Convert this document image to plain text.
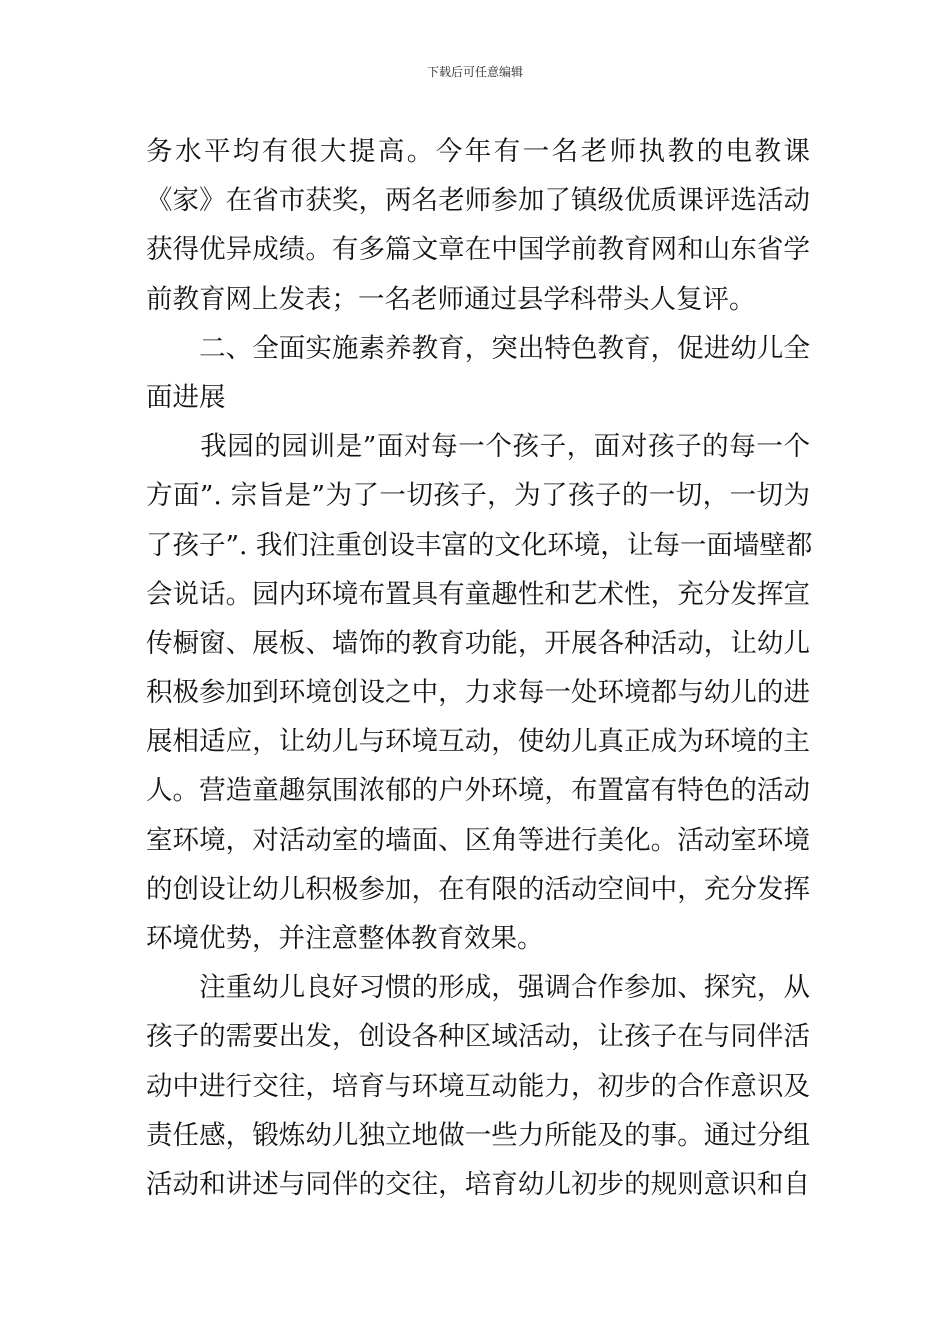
下载后可任意编辑
务水平均有很大提高。今年有一名老师执教的电教课
《家》在省市获奖，两名老师参加了镇级优质课评选活动
获得优异成绩。有多篇文章在中国学前教育网和山东省学
前教育网上发表；一名老师通过县学科带头人复评。
　　二、全面实施素养教育，突出特色教育，促进幼儿全
面进展
　　我园的园训是”面对每一个孩子，面对孩子的每一个
方面”. 宗旨是”为了一切孩子，为了孩子的一切，一切为
了孩子”. 我们注重创设丰富的文化环境，让每一面墙壁都
会说话。园内环境布置具有童趣性和艺术性，充分发挥宣
传橱窗、展板、墙饰的教育功能，开展各种活动，让幼儿
积极参加到环境创设之中，力求每一处环境都与幼儿的进
展相适应，让幼儿与环境互动，使幼儿真正成为环境的主
人。营造童趣氛围浓郁的户外环境，布置富有特色的活动
室环境，对活动室的墙面、区角等进行美化。活动室环境
的创设让幼儿积极参加，在有限的活动空间中，充分发挥
环境优势，并注意整体教育效果。
　　注重幼儿良好习惯的形成，强调合作参加、探究，从
孩子的需要出发，创设各种区域活动，让孩子在与同伴活
动中进行交往，培育与环境互动能力，初步的合作意识及
责任感，锻炼幼儿独立地做一些力所能及的事。通过分组
活动和讲述与同伴的交往，培育幼儿初步的规则意识和自
